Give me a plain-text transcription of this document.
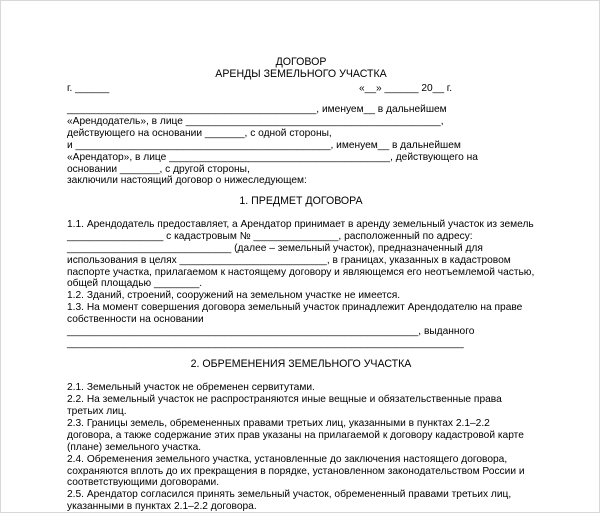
ДОГОВОР
АРЕНДЫ ЗЕМЕЛЬНОГО УЧАСТКА
г. ______	«__» ______ 20__ г.
____________________________________________, именуем__ в дальнейшем
«Арендодатель», в лице _____________________________________________,
действующего на основании _______, с одной стороны,
и _____________________________________________, именуем__ в дальнейшем
«Арендатор», в лице _______________________________________, действующего на
основании _______, с другой стороны,
заключили настоящий договор о нижеследующем:
1. ПРЕДМЕТ ДОГОВОРА
1.1. Арендодатель предоставляет, а Арендатор принимает в аренду земельный участок из земель
_________________ с кадастровым № _______________, расположенный по адресу:
_____________________________ (далее – земельный участок), предназначенный для
использования в целях __________________________, в границах, указанных в кадастровом
паспорте участка, прилагаемом к настоящему договору и являющемся его неотъемлемой частью,
общей площадью ________.
1.2. Зданий, строений, сооружений на земельном участке не имеется.
1.3. На момент совершения договора земельный участок принадлежит Арендодателю на праве
собственности на основании
______________________________________________________________, выданного
______________________________________________________________________
2. ОБРЕМЕНЕНИЯ ЗЕМЕЛЬНОГО УЧАСТКА
2.1. Земельный участок не обременен сервитутами.
2.2. На земельный участок не распространяются иные вещные и обязательственные права
третьих лиц.
2.3. Границы земель, обремененных правами третьих лиц, указанными в пунктах 2.1–2.2
договора, а также содержание этих прав указаны на прилагаемой к договору кадастровой карте
(плане) земельного участка.
2.4. Обременения земельного участка, установленные до заключения настоящего договора,
сохраняются вплоть до их прекращения в порядке, установленном законодательством России и
соответствующими договорами.
2.5. Арендатор согласился принять земельный участок, обремененный правами третьих лиц,
указанными в пунктах 2.1–2.2 договора.
